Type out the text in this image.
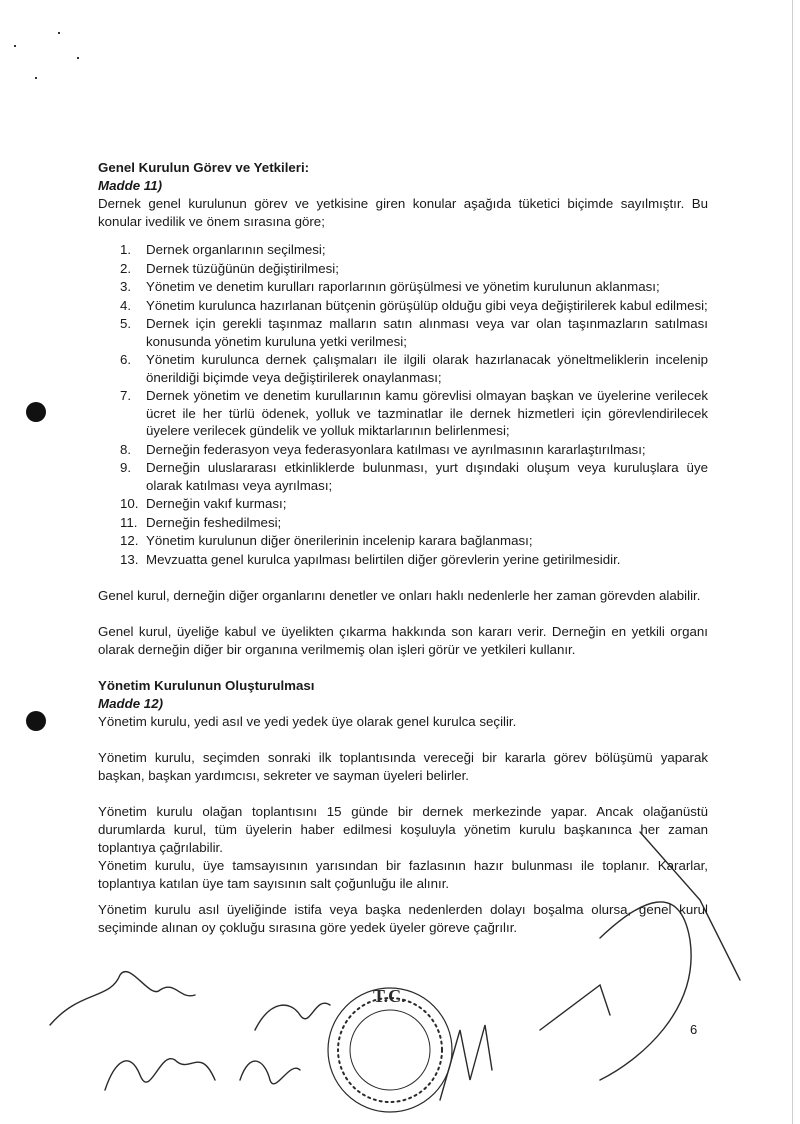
Genel Kurulun Görev ve Yetkileri:

Madde 11)

Dernek genel kurulunun görev ve yetkisine giren konular aşağıda tüketici biçimde sayılmıştır. Bu konular ivedilik ve önem sırasına göre;

1. Dernek organlarının seçilmesi;
2. Dernek tüzüğünün değiştirilmesi;
3. Yönetim ve denetim kurulları raporlarının görüşülmesi ve yönetim kurulunun aklanması;
4. Yönetim kurulunca hazırlanan bütçenin görüşülüp olduğu gibi veya değiştirilerek kabul edilmesi;
5. Dernek için gerekli taşınmaz malların satın alınması veya var olan taşınmazların satılması konusunda yönetim kuruluna yetki verilmesi;
6. Yönetim kurulunca dernek çalışmaları ile ilgili olarak hazırlanacak yöneltmeliklerin incelenip önerildiği biçimde veya değiştirilerek onaylanması;
7. Dernek yönetim ve denetim kurullarının kamu görevlisi olmayan başkan ve üyelerine verilecek ücret ile her türlü ödenek, yolluk ve tazminatlar ile dernek hizmetleri için görevlendirilecek üyelere verilecek gündelik ve yolluk miktarlarının belirlenmesi;
8. Derneğin federasyon veya federasyonlara katılması ve ayrılmasının kararlaştırılması;
9. Derneğin uluslararası etkinliklerde bulunması, yurt dışındaki oluşum veya kuruluşlara üye olarak katılması veya ayrılması;
10. Derneğin vakıf kurması;
11. Derneğin feshedilmesi;
12. Yönetim kurulunun diğer önerilerinin incelenip karara bağlanması;
13. Mevzuatta genel kurulca yapılması belirtilen diğer görevlerin yerine getirilmesidir.

Genel kurul, derneğin diğer organlarını denetler ve onları haklı nedenlerle her zaman görevden alabilir.

Genel kurul, üyeliğe kabul ve üyelikten çıkarma hakkında son kararı verir. Derneğin en yetkili organı olarak derneğin diğer bir organına verilmemiş olan işleri görür ve yetkileri kullanır.

Yönetim Kurulunun Oluşturulması

Madde 12)

Yönetim kurulu, yedi asıl ve yedi yedek üye olarak genel kurulca seçilir.

Yönetim kurulu, seçimden sonraki ilk toplantısında vereceği bir kararla görev bölüşümü yaparak başkan, başkan yardımcısı, sekreter ve sayman üyeleri belirler.

Yönetim kurulu olağan toplantısını 15 günde bir dernek merkezinde yapar. Ancak olağanüstü durumlarda kurul, tüm üyelerin haber edilmesi koşuluyla yönetim kurulu başkanınca her zaman toplantıya çağrılabilir.

Yönetim kurulu, üye tamsayısının yarısından bir fazlasının hazır bulunması ile toplanır. Kararlar, toplantıya katılan üye tam sayısının salt çoğunluğu ile alınır.

Yönetim kurulu asıl üyeliğinde istifa veya başka nedenlerden dolayı boşalma olursa, genel kurul seçiminde alınan oy çokluğu sırasına göre yedek üyeler göreve çağrılır.

6
T.C.
